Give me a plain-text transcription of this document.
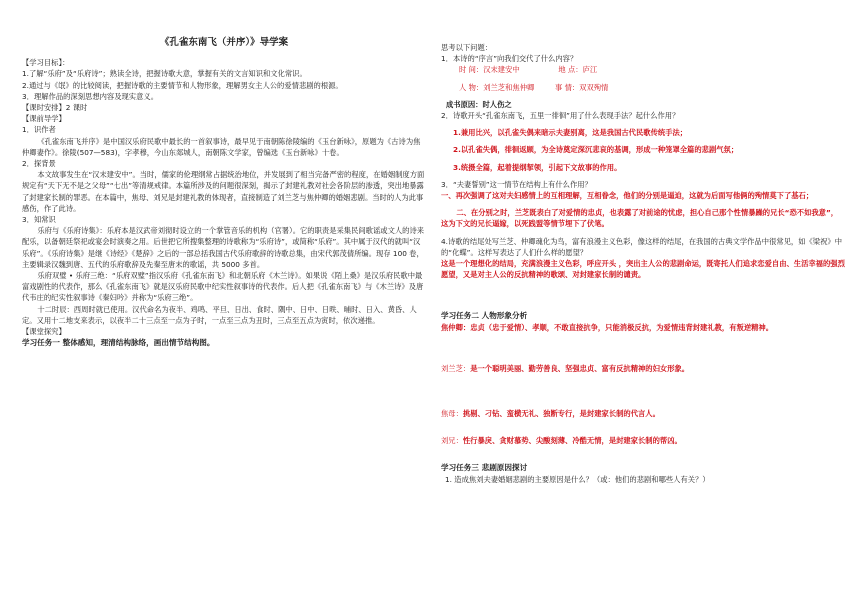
《孔雀东南飞（并序）》导学案

【学习目标】：

1.了解“乐府”及“乐府诗”；熟读全诗，把握诗歌大意，掌握有关的文言知识和文化常识。

2.通过与《氓》的比较阅读，把握诗歌的主要情节和人物形象，理解男女主人公的爱情悲剧的根源。

3．理解作品的深刻思想内容及现实意义。

【课时安排】2 课时

【课前导学】

1．识作者

《孔雀东南飞并序》是中国汉乐府民歌中最长的一首叙事诗，最早见于南朝陈徐陵编的《玉台新咏》，原题为《古诗为焦仲卿妻作》。徐陵(507—583)，字孝穆，今山东郯城人，南朝陈文学家，曾编选《玉台新咏》十卷。

2．探背景

本文故事发生在“汉末建安中”。当时，儒家的伦理纲常占据统治地位，并发展到了相当完备严密的程度，在婚姻制度方面规定有“天下无不是之父母”“七出”等清规戒律。本篇所涉及的问题很深刻，揭示了封建礼教对社会各阶层的渗透，突出地暴露了封建家长制的罪恶。在本篇中，焦母、刘兄是封建礼教的体现者，直接制造了刘兰芝与焦仲卿的婚姻悲剧。当时的人为此事感伤，作了此诗。

3．知常识

乐府与《乐府诗集》：乐府本是汉武帝刘彻时设立的一个掌管音乐的机构（官署）。它的职责是采集民间歌谣或文人的诗来配乐，以备朝廷祭祀或宴会时演奏之用。后世把它所搜集整理的诗歌称为“乐府诗”，或简称“乐府”。其中属于汉代的就叫“汉乐府”。《乐府诗集》是继《诗经》《楚辞》之后的一部总括我国古代乐府歌辞的诗歌总集，由宋代郭茂倩所编。现存 100 卷，主要辑录汉魏到唐、五代的乐府歌辞及先秦至唐末的歌谣，共 5000 多首。

乐府双璧 • 乐府三绝：“乐府双璧”指汉乐府《孔雀东南飞》和北朝乐府《木兰诗》。如果说《陌上桑》是汉乐府民歌中最富戏剧性的代表作，那么《孔雀东南飞》就是汉乐府民歌中纪实性叙事诗的代表作。后人把《孔雀东南飞》与《木兰诗》及唐代韦庄的纪实性叙事诗《秦妇吟》并称为“乐府三绝”。

十二时辰：西周时就已使用。汉代命名为夜半、鸡鸣、平旦、日出、食时、隅中、日中、日昳、晡时、日入、黄昏、人定。又用十二地支来表示，以夜半二十三点至一点为子时，一点至三点为丑时，三点至五点为寅时，依次递推。

【课堂探究】

学习任务一 整体感知，理清结构脉络，画出情节结构图。

思考以下问题：

1．本诗的“序言”向我们交代了什么内容？

时 间：汉末建安中	地 点：庐江

人 物：刘兰芝和焦仲卿	事 情：双双殉情

成书原因：时人伤之

2．诗歌开头“孔雀东南飞，五里一徘徊”用了什么表现手法？起什么作用？

1.兼用比兴，以孔雀失偶来暗示夫妻别离，这是我国古代民歌传统手法；

2.以孔雀失偶，徘徊返顾，为全诗奠定深沉悲哀的基调，形成一种笼罩全篇的悲剧气氛；

3.统摄全篇，起着提纲挈领，引起下文故事的作用。

3．“夫妻誓别”这一情节在结构上有什么作用？

一、再次强调了这对夫妇感情上的互相理解，互相眷念，他们的分别是逼迫，这就为后面写他俩的殉情莫下了基石；

二、在分别之时，兰芝既表白了对爱情的忠贞，也表露了对前途的忧虑，担心自己那个性情暴躁的兄长“恐不如我意”，这为下文的兄长逼嫁，以死践盟等情节埋下了伏笔。

4.诗歌的结尾处写兰芝、仲卿魂化为鸟，富有浪漫主义色彩，像这样的结尾，在我国的古典文学作品中很常见，如《梁祝》中的“化蝶”。这样写表达了人们什么样的愿望？

这是一个理想化的结局，充满浪漫主义色彩，呼应开头 ，突出主人公的悲剧命运，既寄托人们追求恋爱自由、生活幸福的强烈愿望，又是对主人公的反抗精神的歌颂、对封建家长制的谴责。

学习任务二 人物形象分析

焦仲卿：忠贞（忠于爱情）、孝顺，不敢直接抗争，只能消极反抗，为爱情违背封建礼教，有叛逆精神。

刘兰芝：是一个聪明美丽、勤劳善良、坚强忠贞、富有反抗精神的妇女形象。

焦母：挑剔、刁钻、蛮横无礼、独断专行，是封建家长制的代言人。

刘兄：性行暴戾、贪财慕势、尖酸刻薄、冷酷无情，是封建家长制的帮凶。

学习任务三 悲剧原因探讨

1. 造成焦刘夫妻婚姻悲剧的主要原因是什么？（或：他们的悲剧和哪些人有关？）
